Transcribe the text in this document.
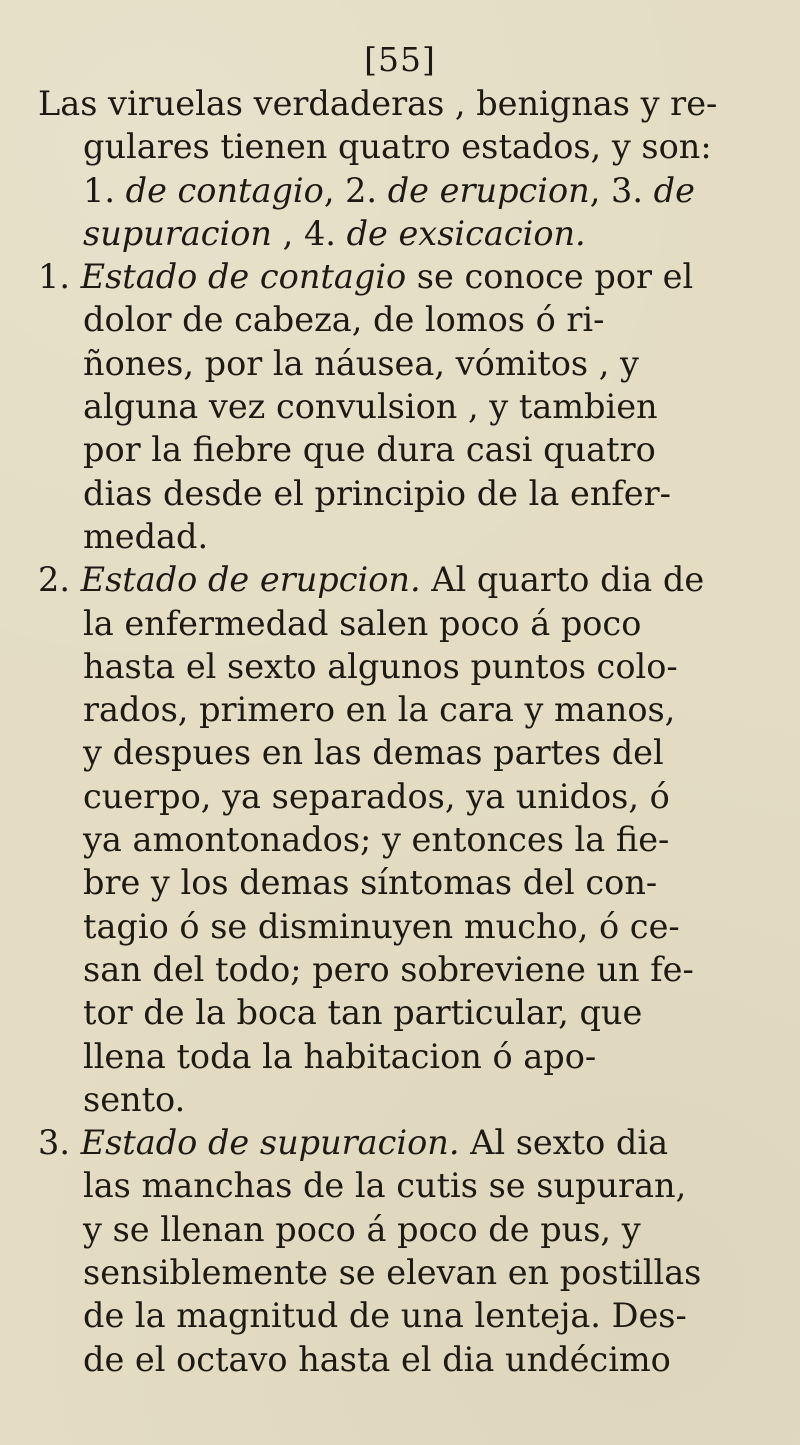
[55]
Las viruelas verdaderas , benignas y re-
gulares tienen quatro estados, y son:
1. de contagio, 2. de erupcion, 3. de
supuracion , 4. de exsicacion.
1. Estado de contagio se conoce por el
dolor de cabeza, de lomos ó ri-
ñones, por la náusea, vómitos , y
alguna vez convulsion , y tambien
por la fiebre que dura casi quatro
dias desde el principio de la enfer-
medad.
2. Estado de erupcion. Al quarto dia de
la enfermedad salen poco á poco
hasta el sexto algunos puntos colo-
rados, primero en la cara y manos,
y despues en las demas partes del
cuerpo, ya separados, ya unidos, ó
ya amontonados; y entonces la fie-
bre y los demas síntomas del con-
tagio ó se disminuyen mucho, ó ce-
san del todo; pero sobreviene un fe-
tor de la boca tan particular, que
llena toda la habitacion ó apo-
sento.
3. Estado de supuracion. Al sexto dia
las manchas de la cutis se supuran,
y se llenan poco á poco de pus, y
sensiblemente se elevan en postillas
de la magnitud de una lenteja. Des-
de el octavo hasta el dia undécimo
